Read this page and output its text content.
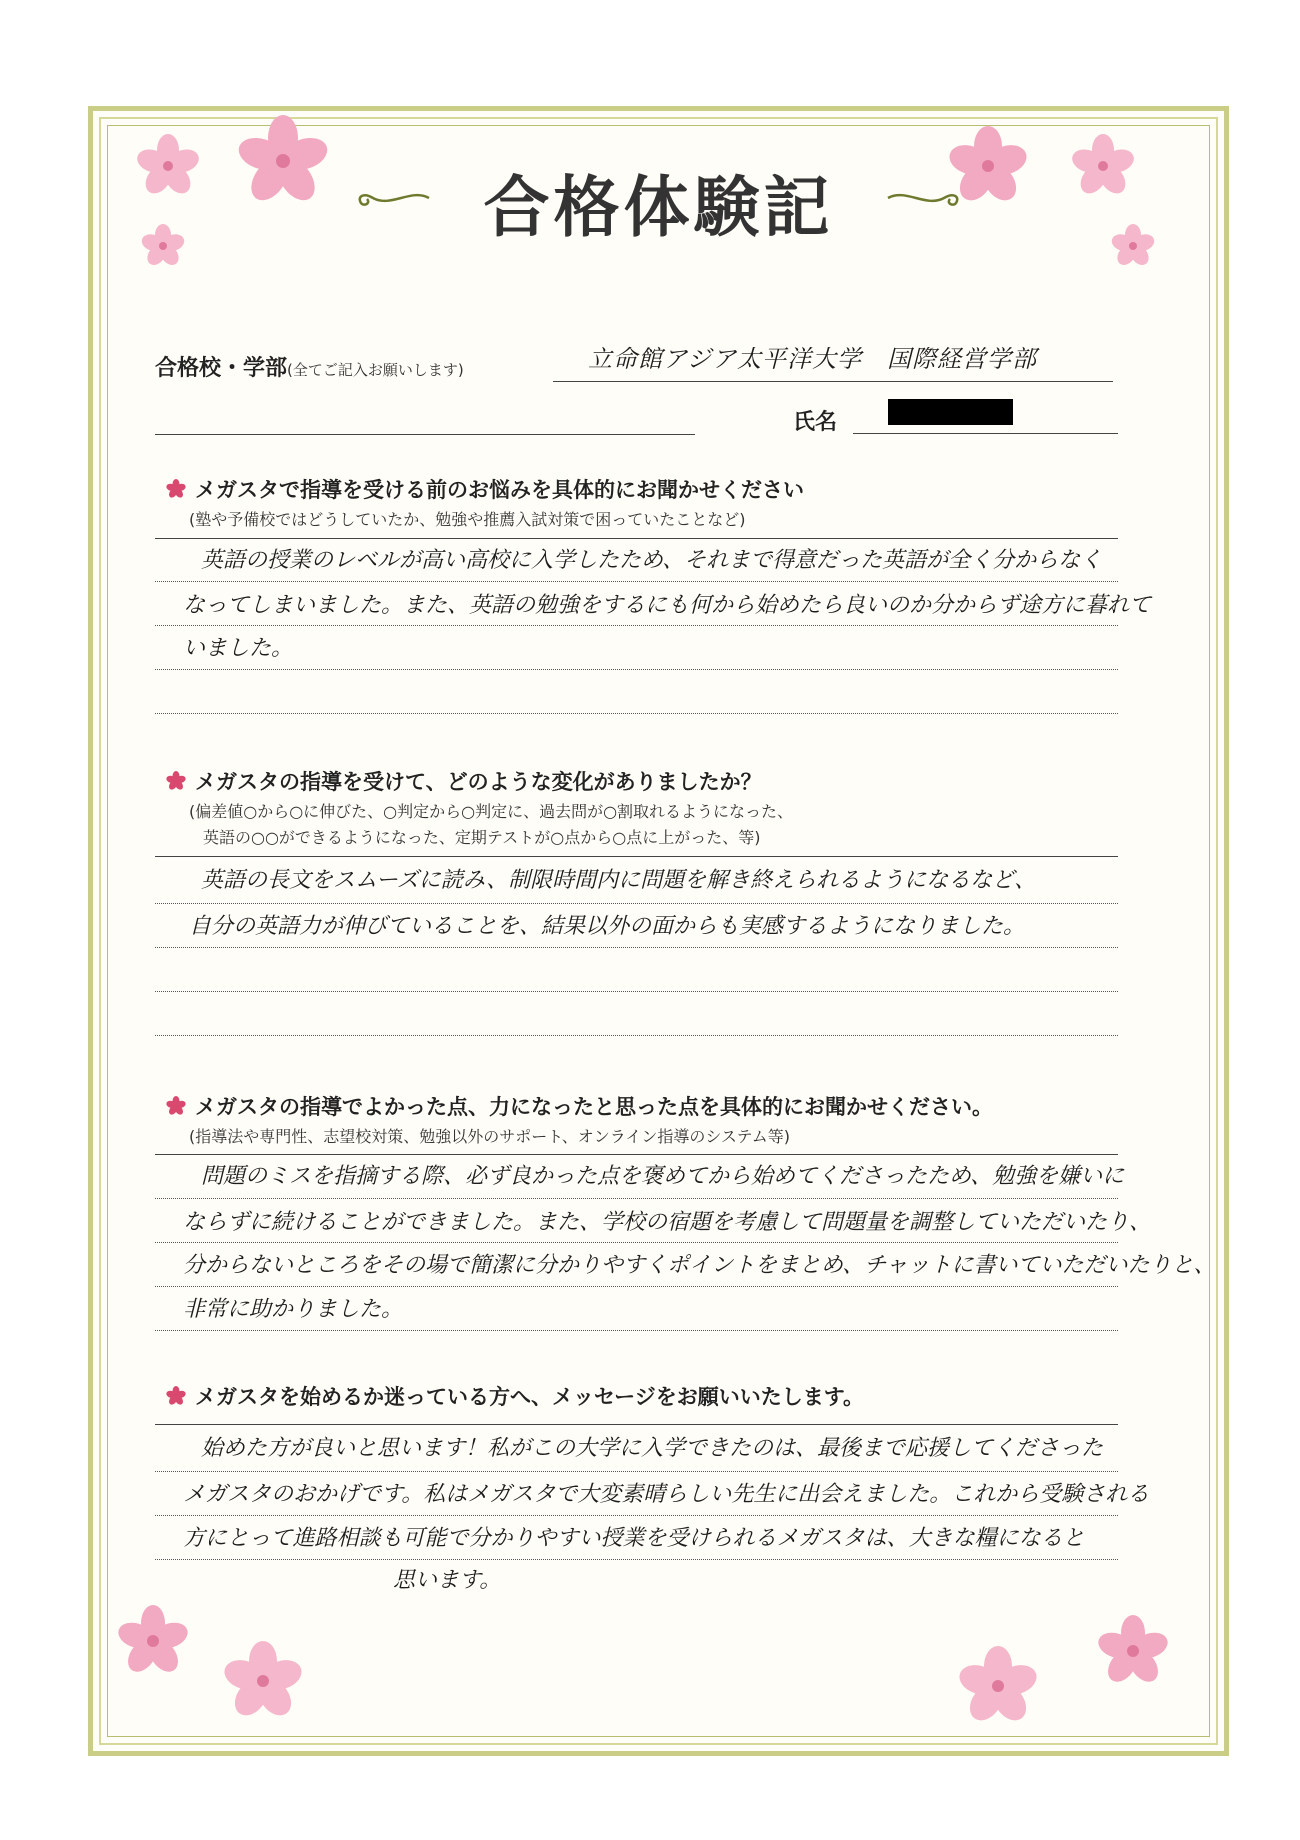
合格体験記
合格校・学部(全てご記入お願いします)	立命館アジア太平洋大学　国際経営学部
氏名
メガスタで指導を受ける前のお悩みを具体的にお聞かせください
(塾や予備校ではどうしていたか、勉強や推薦入試対策で困っていたことなど)
英語の授業のレベルが高い高校に入学したため、それまで得意だった英語が全く分からなく
なってしまいました。また、英語の勉強をするにも何から始めたら良いのか分からず途方に暮れて
いました。
メガスタの指導を受けて、どのような変化がありましたか？
(偏差値○から○に伸びた、○判定から○判定に、過去問が○割取れるようになった、
英語の○○ができるようになった、定期テストが○点から○点に上がった、等)
英語の長文をスムーズに読み、制限時間内に問題を解き終えられるようになるなど、
自分の英語力が伸びていることを、結果以外の面からも実感するようになりました。
メガスタの指導でよかった点、力になったと思った点を具体的にお聞かせください。
(指導法や専門性、志望校対策、勉強以外のサポート、オンライン指導のシステム等)
問題のミスを指摘する際、必ず良かった点を褒めてから始めてくださったため、勉強を嫌いに
ならずに続けることができました。また、学校の宿題を考慮して問題量を調整していただいたり、
分からないところをその場で簡潔に分かりやすくポイントをまとめ、チャットに書いていただいたりと、
非常に助かりました。
メガスタを始めるか迷っている方へ、メッセージをお願いいたします。
始めた方が良いと思います！私がこの大学に入学できたのは、最後まで応援してくださった
メガスタのおかげです。私はメガスタで大変素晴らしい先生に出会えました。これから受験される
方にとって進路相談も可能で分かりやすい授業を受けられるメガスタは、大きな糧になると
思います。
